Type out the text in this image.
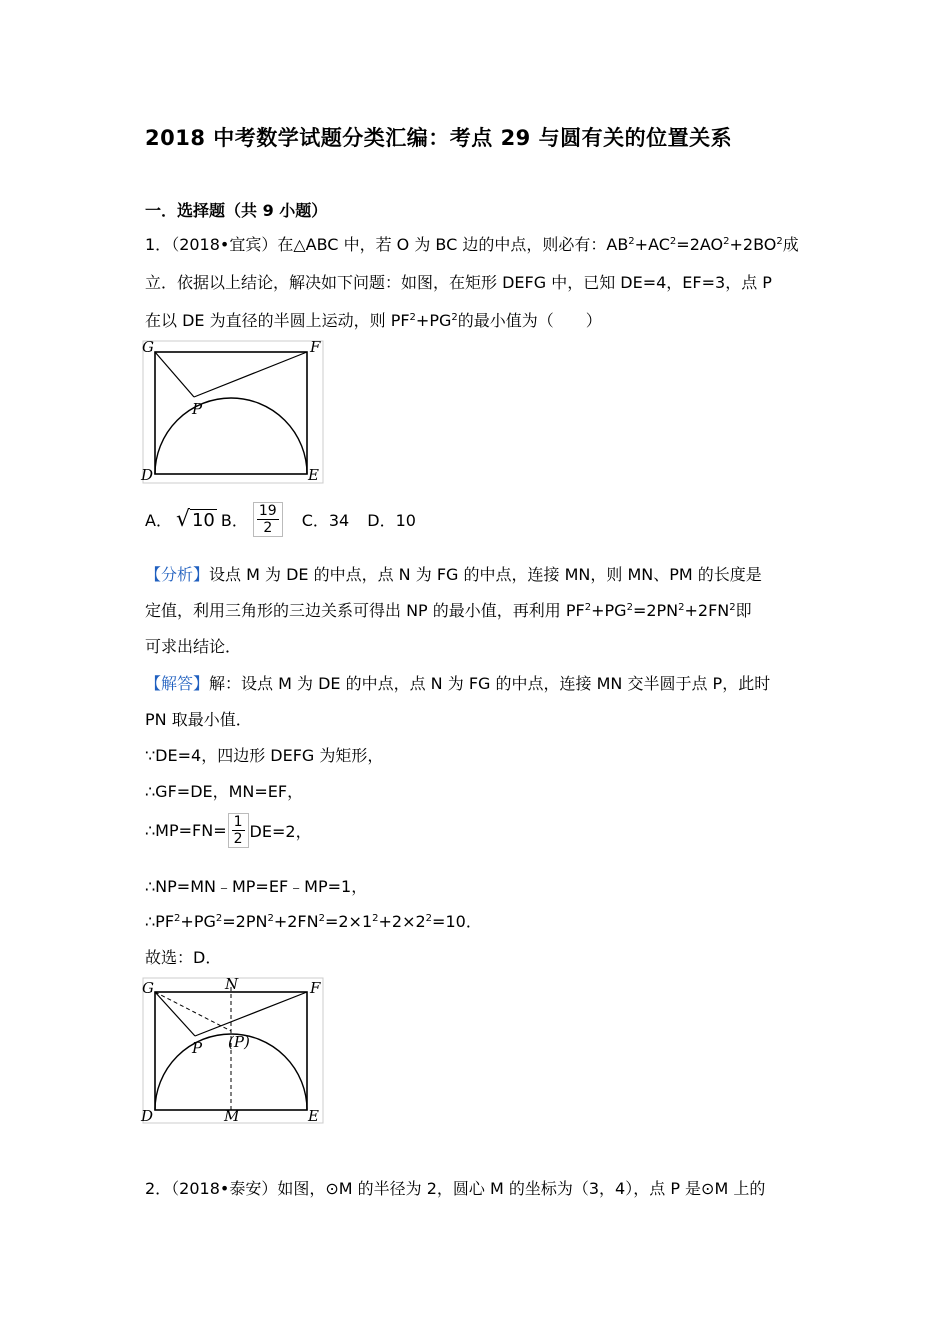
2018 中考数学试题分类汇编：考点 29 与圆有关的位置关系
一．选择题（共 9 小题）
1．（2018•宜宾）在△ABC 中，若 O 为 BC 边的中点，则必有：$AB^2+AC^2=2AO^2+2BO^2$成
立．依据以上结论，解决如下问题：如图，在矩形 DEFG 中，已知 DE=4，EF=3，点 P
在以 DE 为直径的半圆上运动，则 $PF^2+PG^2$的最小值为（　　）
G	F
P
D	E
A． √ 10 B． $\frac{19}{2}$ C．34 D．10
【分析】设点 M 为 DE 的中点，点 N 为 FG 的中点，连接 MN，则 MN、PM 的长度是
定值，利用三角形的三边关系可得出 NP 的最小值，再利用 $PF^2+PG^2=2PN^2+2FN^2$即
可求出结论．
【解答】解：设点 M 为 DE 的中点，点 N 为 FG 的中点，连接 MN 交半圆于点 P，此时
PN 取最小值．
∵DE=4，四边形 DEFG 为矩形，
∴GF=DE，MN=EF，
∴MP=FN= $\frac{1}{2} DE=2$，
∴NP=MN﹣MP=EF﹣MP=1，
$\therefore PF^2+PG^2=2PN^2+2FN^2=2\times 1^2+2\times 2^2=10$．
故选：D．
G	N	F
P (P)
D	M	E
2．（2018•泰安）如图，⊙M 的半径为 2，圆心 M 的坐标为（3，4），点 P 是⊙M 上的
